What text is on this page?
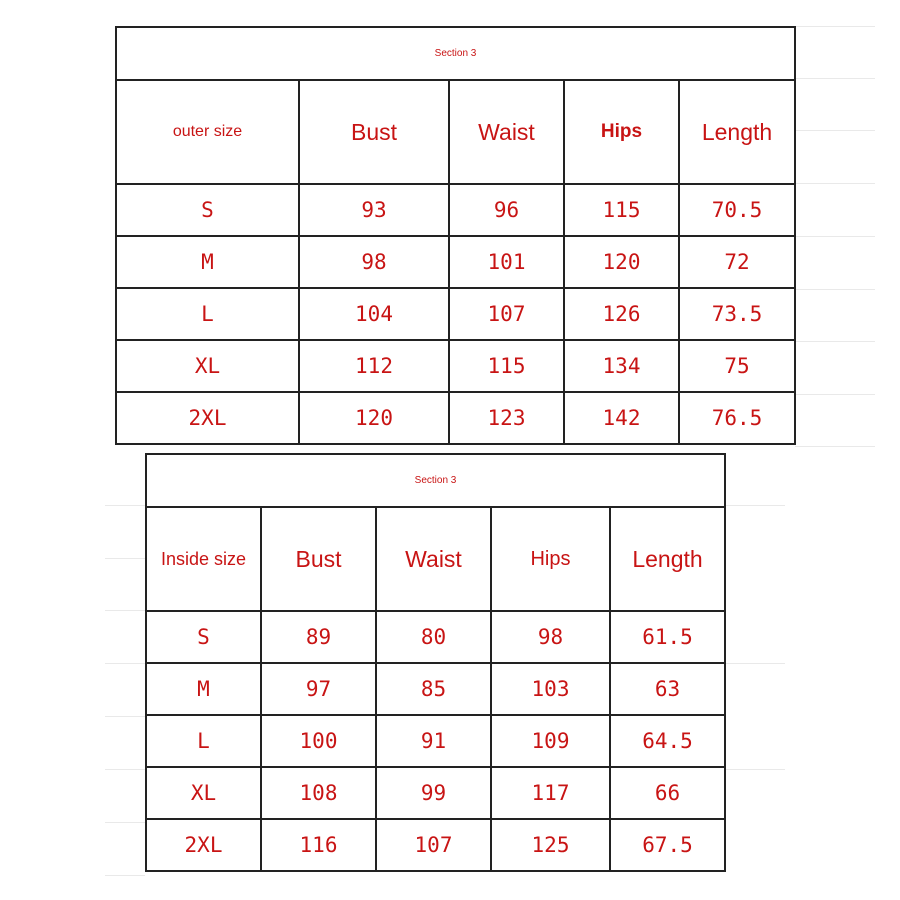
Section 3				
outer size	Bust	Waist	Hips	Length
S	93	96	115	70.5
M	98	101	120	72
L	104	107	126	73.5
XL	112	115	134	75
2XL	120	123	142	76.5
Section 3				
Inside size	Bust	Waist	Hips	Length
S	89	80	98	61.5
M	97	85	103	63
L	100	91	109	64.5
XL	108	99	117	66
2XL	116	107	125	67.5
